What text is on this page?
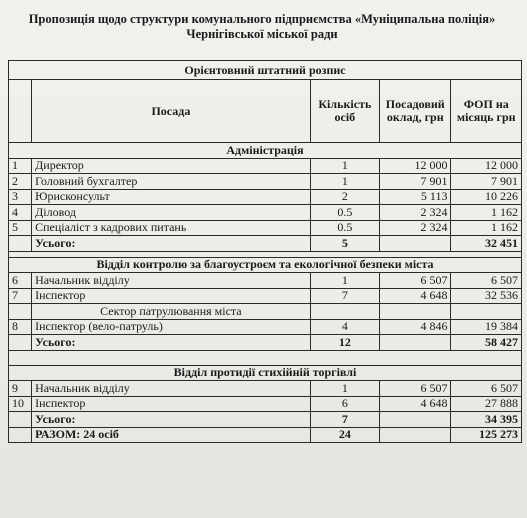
Пропозиція щодо структури комунального підприємства «Муніципальна поліція» Чернігівської міської ради
Орієнтовний штатний розпис				
	Посада	Кількість осіб	Посадовий оклад, грн	ФОП на місяць грн
Адміністрація				
1	Директор	1	12 000	12 000
2	Головний бухгалтер	1	7 901	7 901
3	Юрисконсульт	2	5 113	10 226
4	Діловод	0.5	2 324	1 162
5	Спеціаліст з кадрових питань	0.5	2 324	1 162
	Усього:	5		32 451

Відділ контролю за благоустроєм та екологічної безпеки міста				
6	Начальник відділу	1	6 507	6 507
7	Інспектор	7	4 648	32 536
	Сектор патрулювання міста			
8	Інспектор (вело-патруль)	4	4 846	19 384
	Усього:	12		58 427

Відділ протидії стихійній торгівлі				
9	Начальник відділу	1	6 507	6 507
10	Інспектор	6	4 648	27 888
	Усього:	7		34 395
	РАЗОМ: 24 осіб	24		125 273
